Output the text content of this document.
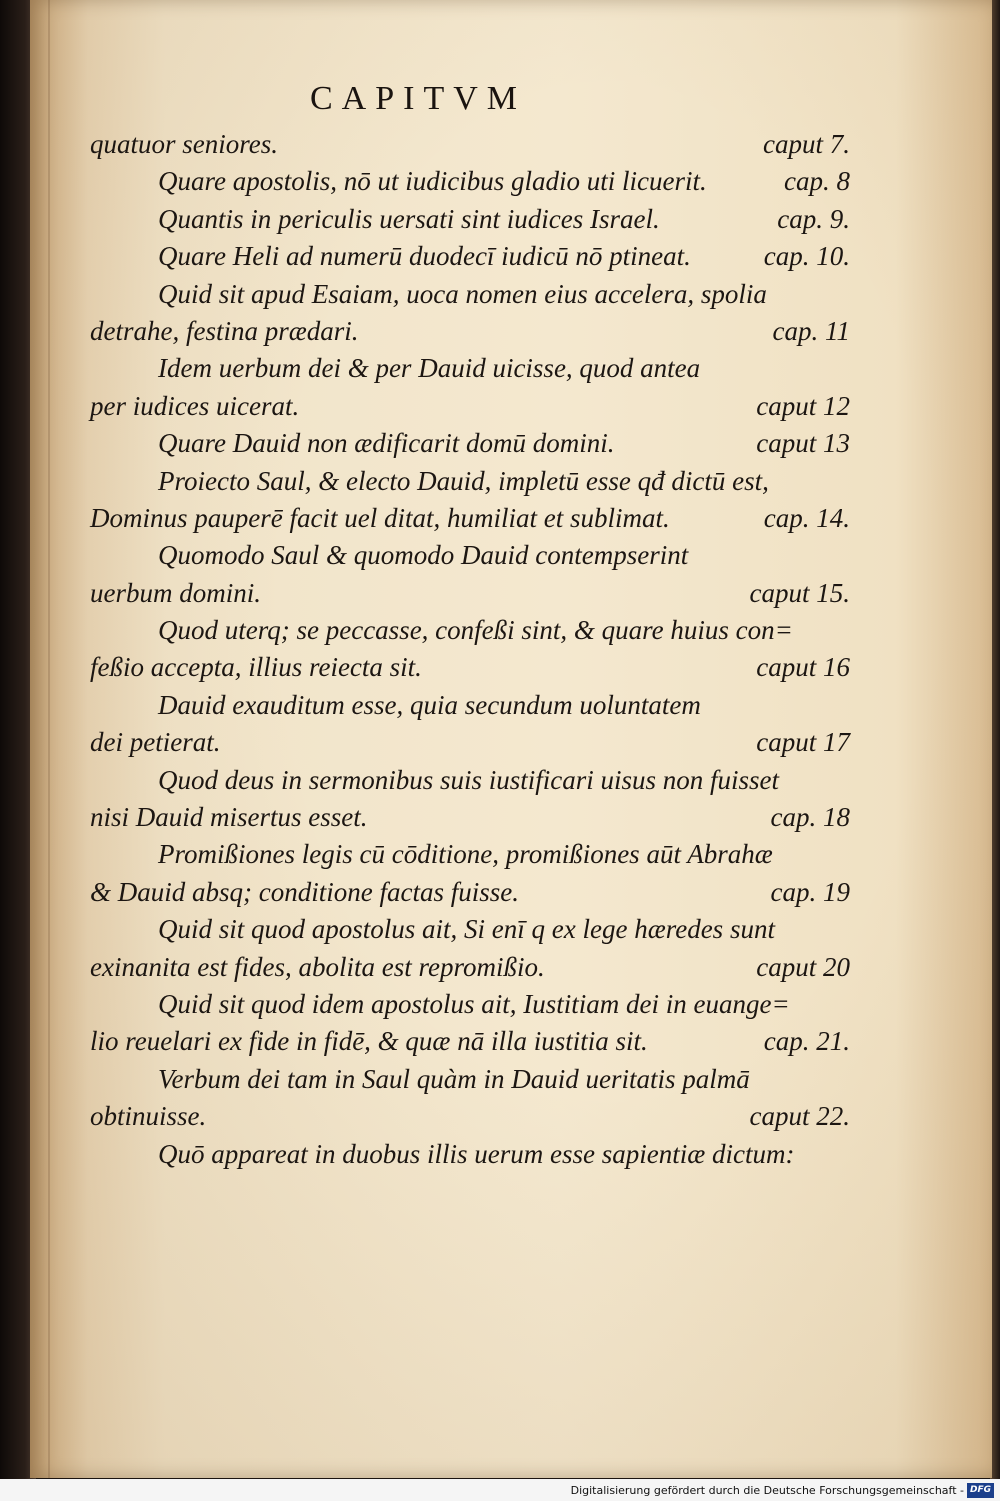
CAPITVM
quatuor seniores.	caput 7.
Quare apostolis, nō ut iudicibus gladio uti licuerit.	cap. 8
Quantis in periculis uersati sint iudices Israel.	cap. 9.
Quare Heli ad numerū duodecī iudicū nō ptineat.	cap. 10.
Quid sit apud Esaiam, uoca nomen eius accelera, spolia
detrahe, festina prædari.	cap. 11
Idem uerbum dei & per Dauid uicisse, quod antea
per iudices uicerat.	caput 12
Quare Dauid non ædificarit domū domini.	caput 13
Proiecto Saul, & electo Dauid, impletū esse qđ dictū est,
Dominus pauperē facit uel ditat, humiliat et sublimat.	cap. 14.
Quomodo Saul & quomodo Dauid contempserint
uerbum domini.	caput 15.
Quod uterq; se peccasse, confeßi sint, & quare huius con=
feßio accepta, illius reiecta sit.	caput 16
Dauid exauditum esse, quia secundum uoluntatem
dei petierat.	caput 17
Quod deus in sermonibus suis iustificari uisus non fuisset
nisi Dauid misertus esset.	cap. 18
Promißiones legis cū cōditione, promißiones aūt Abrahæ
& Dauid absq; conditione factas fuisse.	cap. 19
Quid sit quod apostolus ait, Si enī q ex lege hæredes sunt
exinanita est fides, abolita est repromißio.	caput 20
Quid sit quod idem apostolus ait, Iustitiam dei in euange=
lio reuelari ex fide in fidē, & quæ nā illa iustitia sit.	cap. 21.
Verbum dei tam in Saul quàm in Dauid ueritatis palmā
obtinuisse.	caput 22.
Quō appareat in duobus illis uerum esse sapientiæ dictum:
Digitalisierung gefördert durch die Deutsche Forschungsgemeinschaft - DFG
